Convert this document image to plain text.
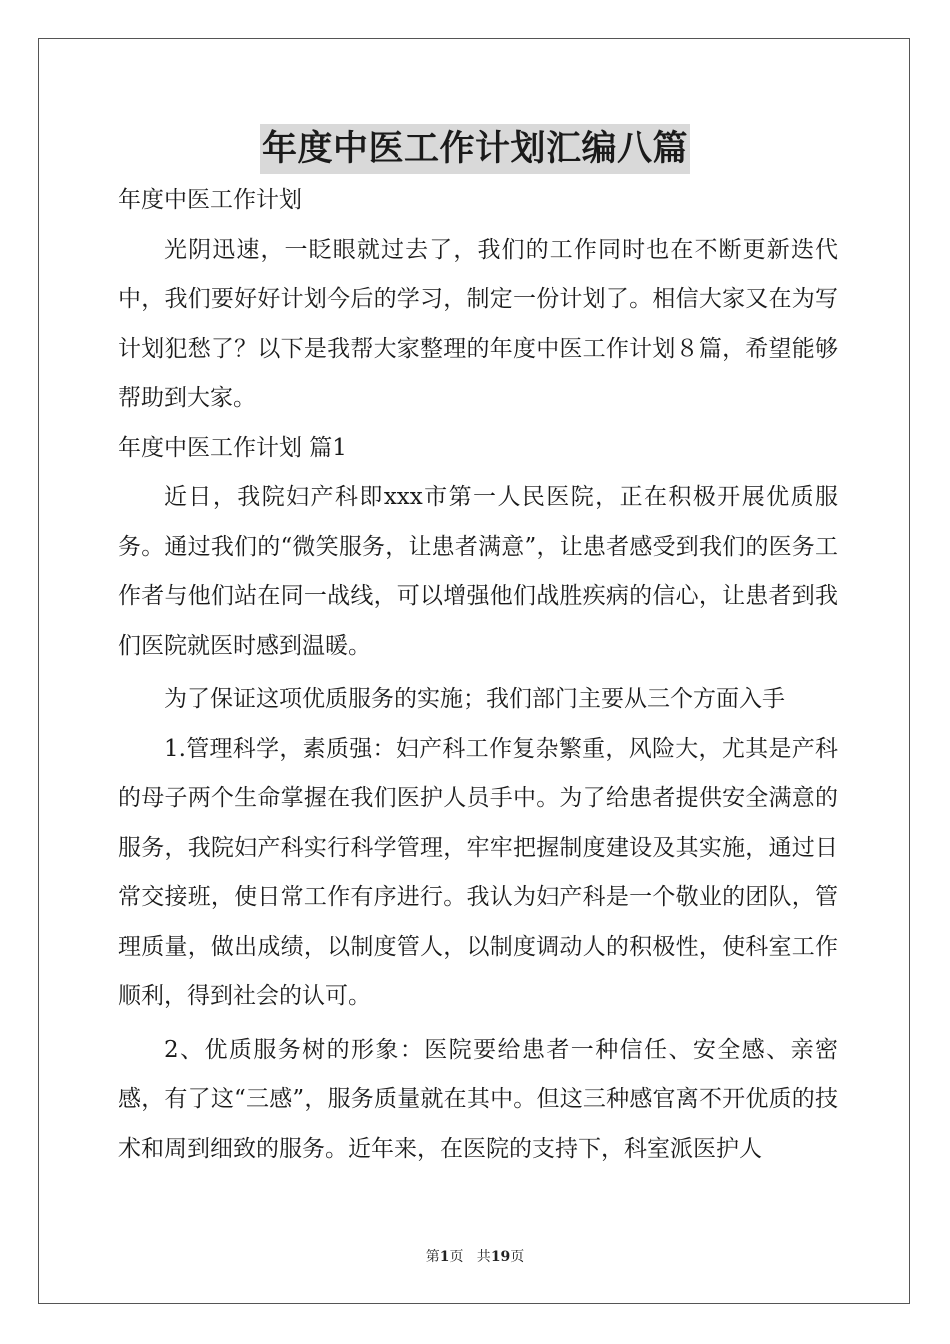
年度中医工作计划汇编八篇

年度中医工作计划

光阴迅速，一眨眼就过去了，我们的工作同时也在不断更新迭代中，我们要好好计划今后的学习，制定一份计划了。相信大家又在为写计划犯愁了？以下是我帮大家整理的年度中医工作计划８篇，希望能够帮助到大家。

年度中医工作计划 篇1

近日，我院妇产科即xxx市第一人民医院，正在积极开展优质服务。通过我们的“微笑服务，让患者满意”，让患者感受到我们的医务工作者与他们站在同一战线，可以增强他们战胜疾病的信心，让患者到我们医院就医时感到温暖。

为了保证这项优质服务的实施；我们部门主要从三个方面入手

1.管理科学，素质强：妇产科工作复杂繁重，风险大，尤其是产科的母子两个生命掌握在我们医护人员手中。为了给患者提供安全满意的服务，我院妇产科实行科学管理，牢牢把握制度建设及其实施，通过日常交接班，使日常工作有序进行。我认为妇产科是一个敬业的团队，管理质量，做出成绩，以制度管人，以制度调动人的积极性，使科室工作顺利，得到社会的认可。

2、优质服务树的形象：医院要给患者一种信任、安全感、亲密感，有了这“三感”，服务质量就在其中。但这三种感官离不开优质的技术和周到细致的服务。近年来，在医院的支持下，科室派医护人

第1页   共19页
